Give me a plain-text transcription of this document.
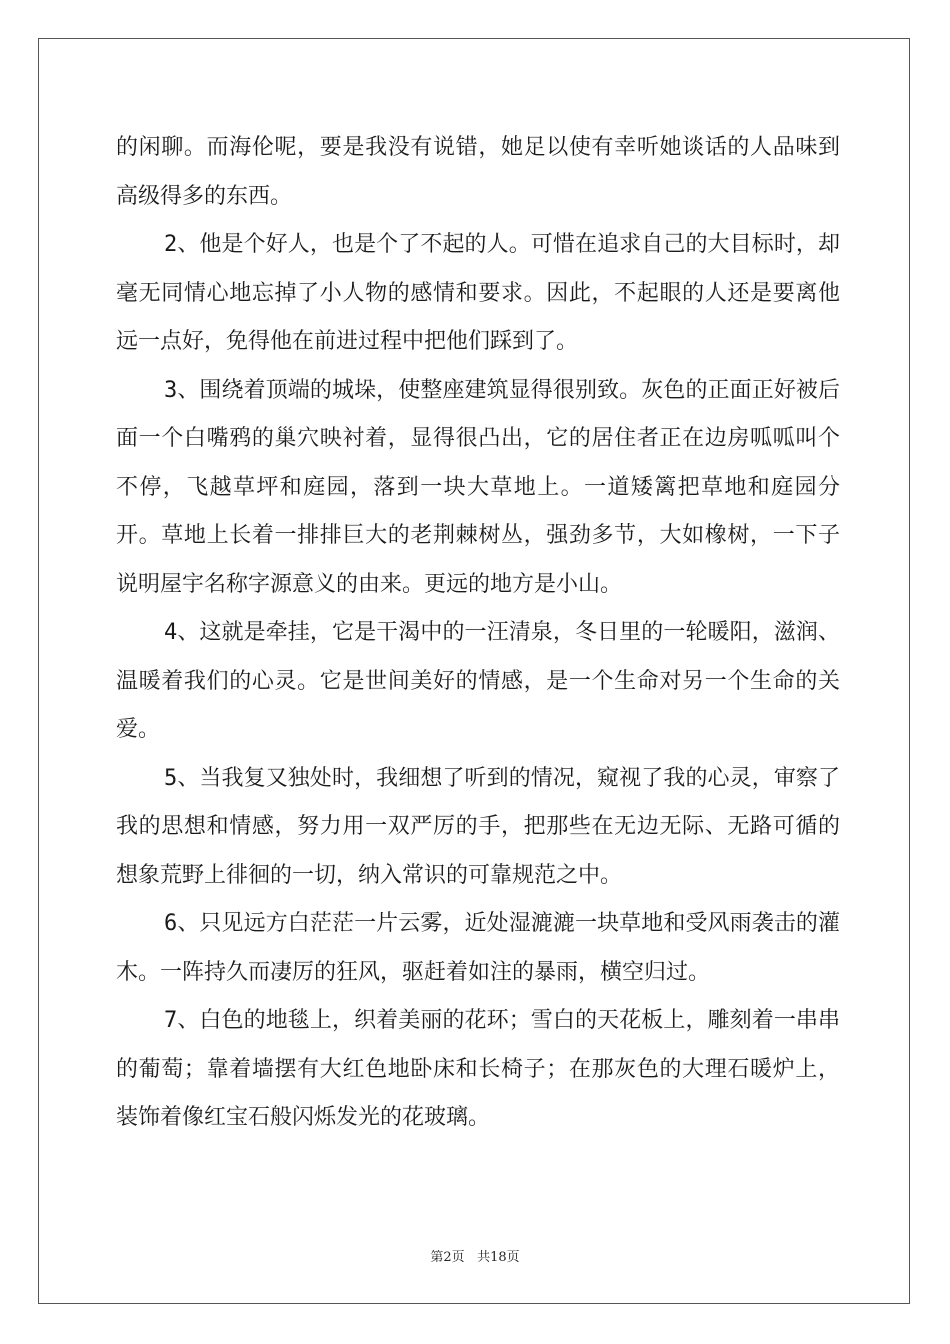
的闲聊。而海伦呢，要是我没有说错，她足以使有幸听她谈话的人品味到高级得多的东西。

2、他是个好人，也是个了不起的人。可惜在追求自己的大目标时，却毫无同情心地忘掉了小人物的感情和要求。因此，不起眼的人还是要离他远一点好，免得他在前进过程中把他们踩到了。

3、围绕着顶端的城垛，使整座建筑显得很别致。灰色的正面正好被后面一个白嘴鸦的巢穴映衬着，显得很凸出，它的居住者正在边房呱呱叫个不停，飞越草坪和庭园，落到一块大草地上。一道矮篱把草地和庭园分开。草地上长着一排排巨大的老荆棘树丛，强劲多节，大如橡树，一下子说明屋宇名称字源意义的由来。更远的地方是小山。

4、这就是牵挂，它是干渴中的一汪清泉，冬日里的一轮暖阳，滋润、温暖着我们的心灵。它是世间美好的情感，是一个生命对另一个生命的关爱。

5、当我复又独处时，我细想了听到的情况，窥视了我的心灵，审察了我的思想和情感，努力用一双严厉的手，把那些在无边无际、无路可循的想象荒野上徘徊的一切，纳入常识的可靠规范之中。

6、只见远方白茫茫一片云雾，近处湿漉漉一块草地和受风雨袭击的灌木。一阵持久而凄厉的狂风，驱赶着如注的暴雨，横空归过。

7、白色的地毯上，织着美丽的花环；雪白的天花板上，雕刻着一串串的葡萄；靠着墙摆有大红色地卧床和长椅子；在那灰色的大理石暖炉上，装饰着像红宝石般闪烁发光的花玻璃。

第2页 共18页
